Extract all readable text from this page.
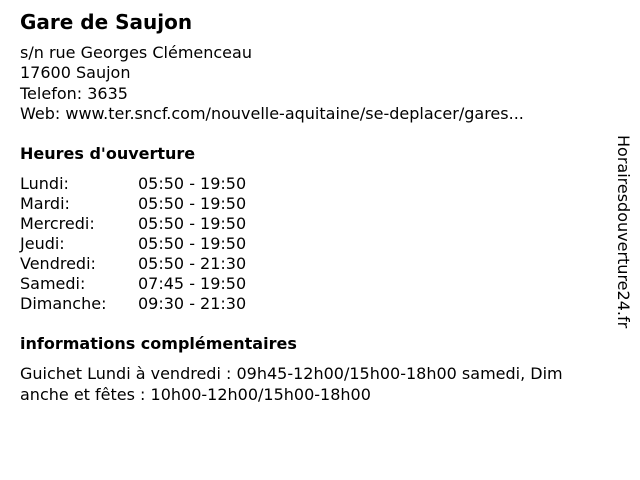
Gare de Saujon
s/n rue Georges Clémenceau
17600 Saujon
Telefon: 3635
Web: www.ter.sncf.com/nouvelle-aquitaine/se-deplacer/gares...
Heures d'ouverture
Lundi:	05:50 - 19:50
Mardi:	05:50 - 19:50
Mercredi:	05:50 - 19:50
Jeudi:	05:50 - 19:50
Vendredi:	05:50 - 21:30
Samedi:	07:45 - 19:50
Dimanche: 09:30 - 21:30
informations complémentaires
Guichet Lundi à vendredi : 09h45-12h00/15h00-18h00 samedi, Dim
anche et fêtes : 10h00-12h00/15h00-18h00
Horairesdouverture24.fr
